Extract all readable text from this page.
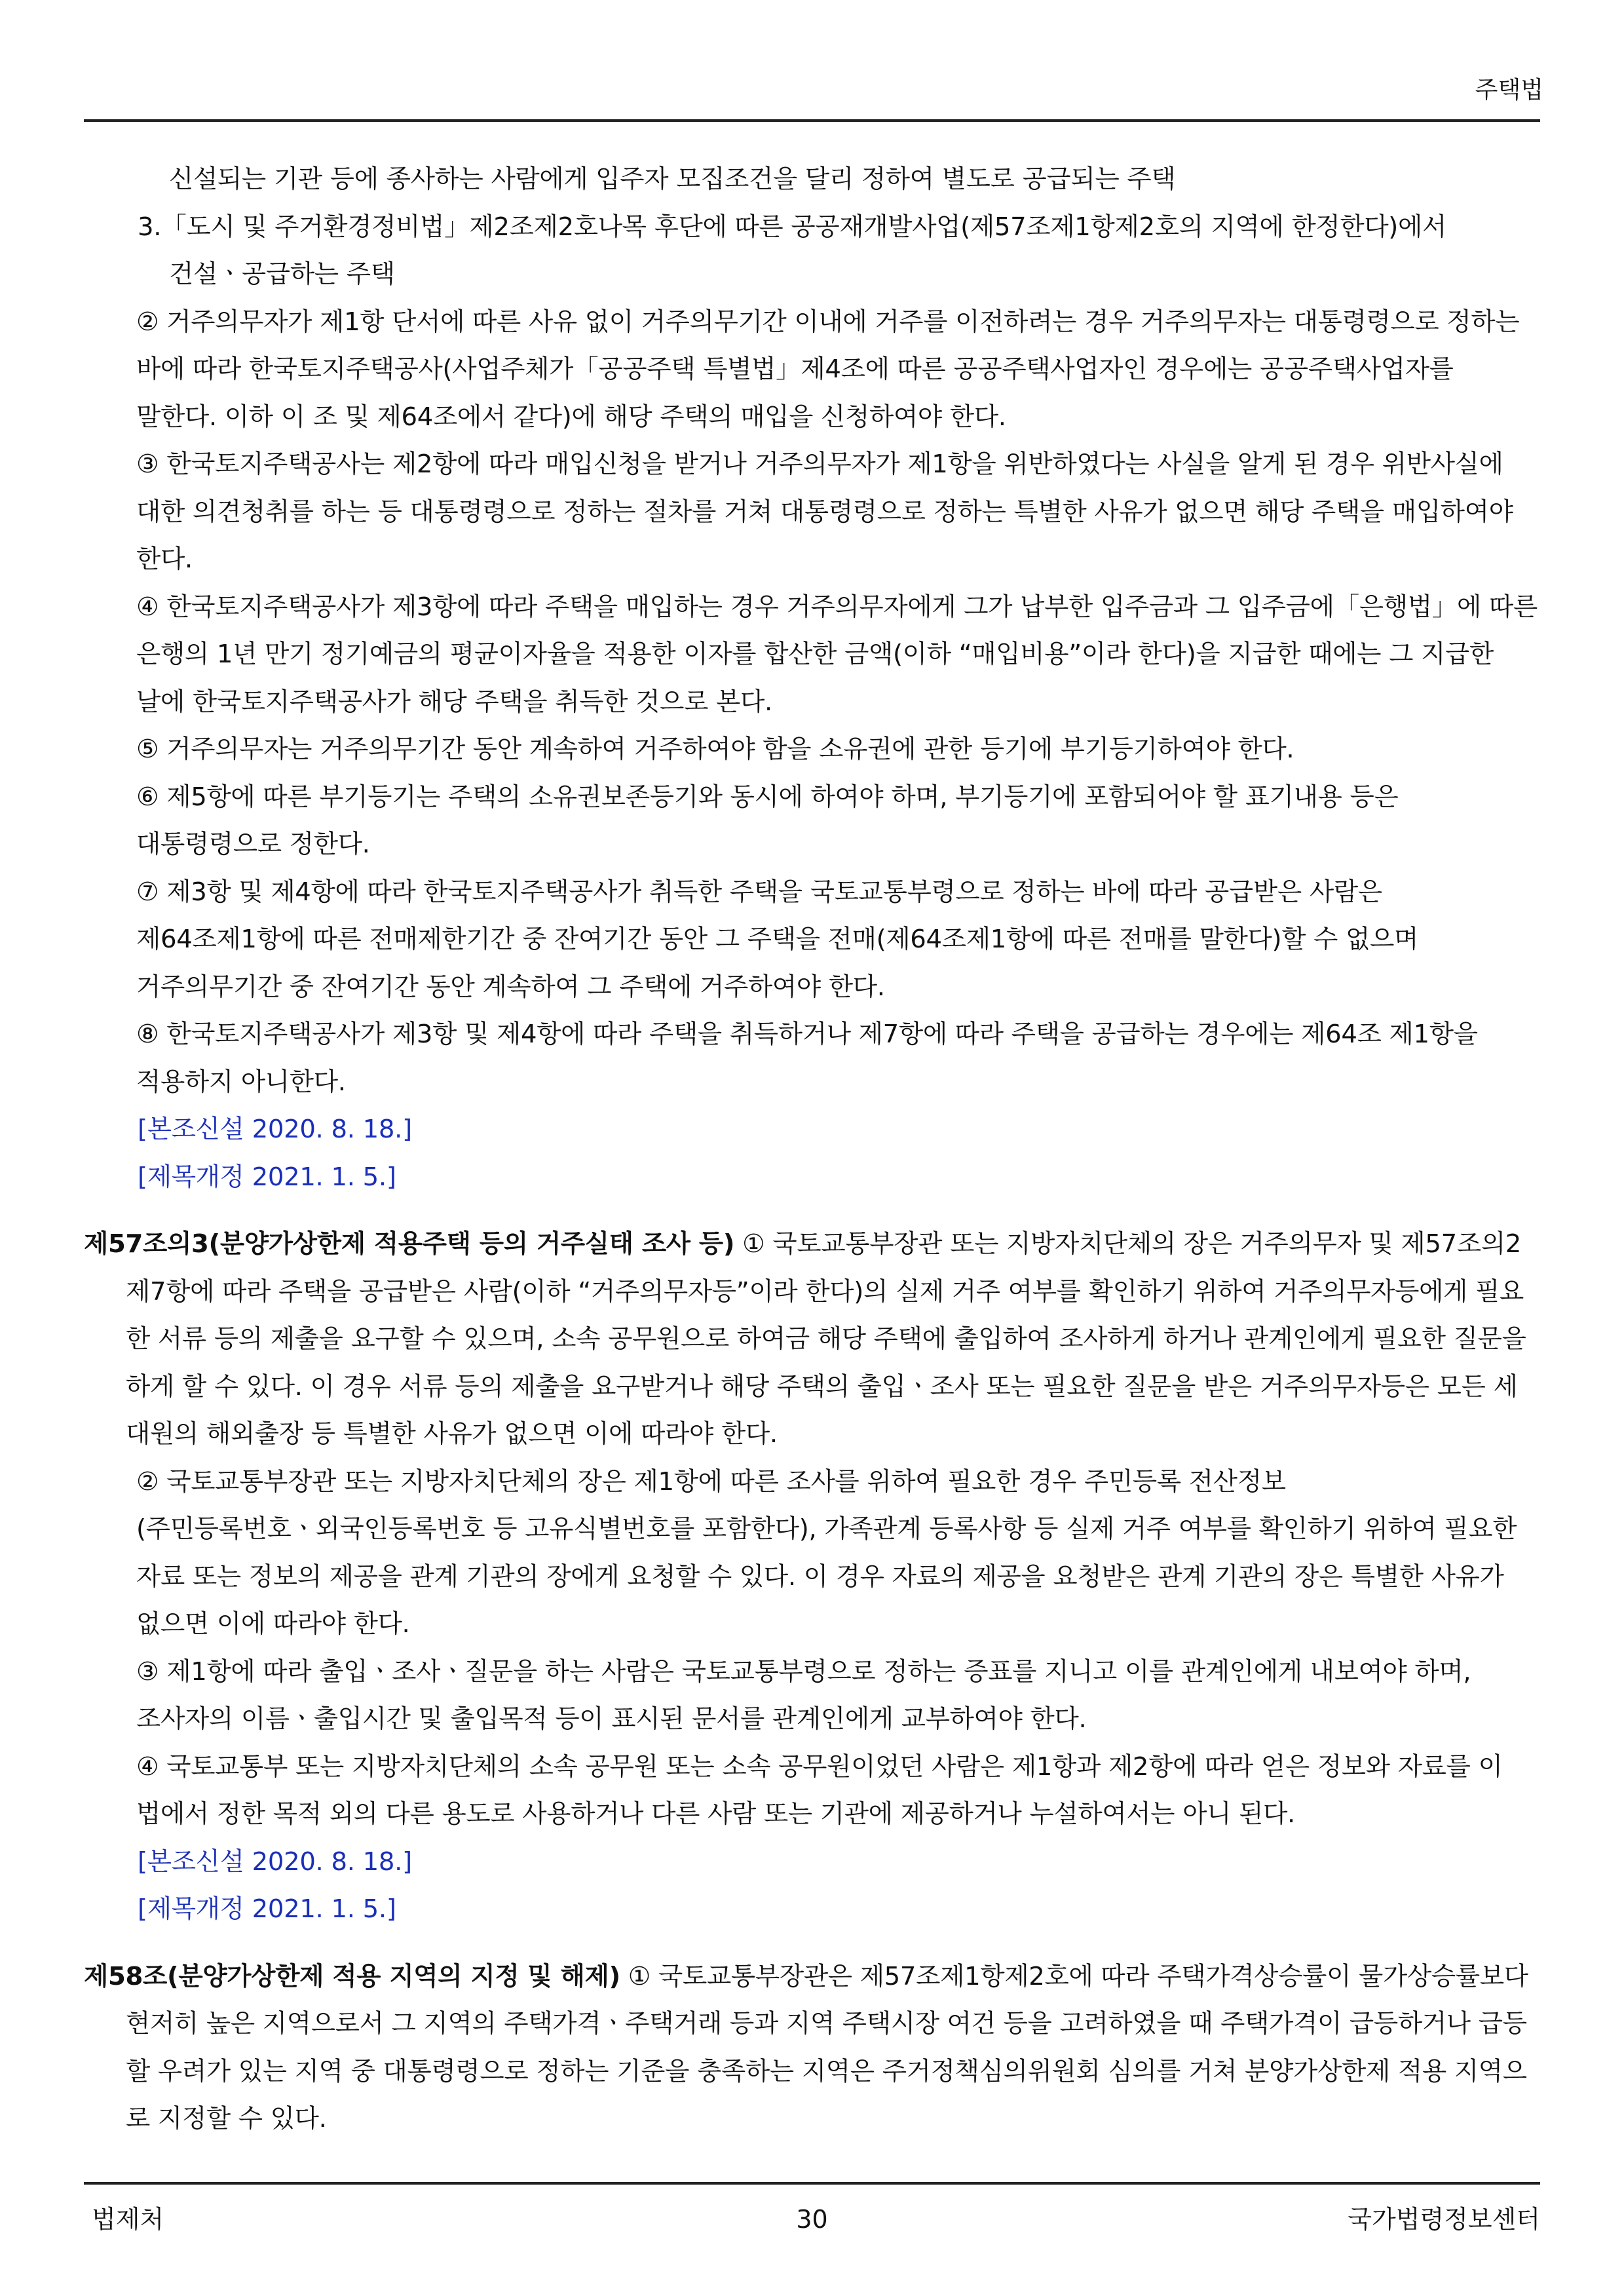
주택법

신설되는 기관 등에 종사하는 사람에게 입주자 모집조건을 달리 정하여 별도로 공급되는 주택

3.「도시 및 주거환경정비법」제2조제2호나목 후단에 따른 공공재개발사업(제57조제1항제2호의 지역에 한정한다)에서 건설ㆍ공급하는 주택

② 거주의무자가 제1항 단서에 따른 사유 없이 거주의무기간 이내에 거주를 이전하려는 경우 거주의무자는 대통령령으로 정하는 바에 따라 한국토지주택공사(사업주체가「공공주택 특별법」제4조에 따른 공공주택사업자인 경우에는 공공주택사업자를 말한다. 이하 이 조 및 제64조에서 같다)에 해당 주택의 매입을 신청하여야 한다.

③ 한국토지주택공사는 제2항에 따라 매입신청을 받거나 거주의무자가 제1항을 위반하였다는 사실을 알게 된 경우 위반사실에 대한 의견청취를 하는 등 대통령령으로 정하는 절차를 거쳐 대통령령으로 정하는 특별한 사유가 없으면 해당 주택을 매입하여야 한다.

④ 한국토지주택공사가 제3항에 따라 주택을 매입하는 경우 거주의무자에게 그가 납부한 입주금과 그 입주금에「은행법」에 따른 은행의 1년 만기 정기예금의 평균이자율을 적용한 이자를 합산한 금액(이하 “매입비용”이라 한다)을 지급한 때에는 그 지급한 날에 한국토지주택공사가 해당 주택을 취득한 것으로 본다.

⑤ 거주의무자는 거주의무기간 동안 계속하여 거주하여야 함을 소유권에 관한 등기에 부기등기하여야 한다.

⑥ 제5항에 따른 부기등기는 주택의 소유권보존등기와 동시에 하여야 하며, 부기등기에 포함되어야 할 표기내용 등은 대통령령으로 정한다.

⑦ 제3항 및 제4항에 따라 한국토지주택공사가 취득한 주택을 국토교통부령으로 정하는 바에 따라 공급받은 사람은 제64조제1항에 따른 전매제한기간 중 잔여기간 동안 그 주택을 전매(제64조제1항에 따른 전매를 말한다)할 수 없으며 거주의무기간 중 잔여기간 동안 계속하여 그 주택에 거주하여야 한다.

⑧ 한국토지주택공사가 제3항 및 제4항에 따라 주택을 취득하거나 제7항에 따라 주택을 공급하는 경우에는 제64조 제1항을 적용하지 아니한다.

[본조신설 2020. 8. 18.]

[제목개정 2021. 1. 5.]

제57조의3(분양가상한제 적용주택 등의 거주실태 조사 등) ① 국토교통부장관 또는 지방자치단체의 장은 거주의무자 및 제57조의2제7항에 따라 주택을 공급받은 사람(이하 “거주의무자등”이라 한다)의 실제 거주 여부를 확인하기 위하여 거주의무자등에게 필요한 서류 등의 제출을 요구할 수 있으며, 소속 공무원으로 하여금 해당 주택에 출입하여 조사하게 하거나 관계인에게 필요한 질문을 하게 할 수 있다. 이 경우 서류 등의 제출을 요구받거나 해당 주택의 출입ㆍ조사 또는 필요한 질문을 받은 거주의무자등은 모든 세대원의 해외출장 등 특별한 사유가 없으면 이에 따라야 한다.

② 국토교통부장관 또는 지방자치단체의 장은 제1항에 따른 조사를 위하여 필요한 경우 주민등록 전산정보(주민등록번호ㆍ외국인등록번호 등 고유식별번호를 포함한다), 가족관계 등록사항 등 실제 거주 여부를 확인하기 위하여 필요한 자료 또는 정보의 제공을 관계 기관의 장에게 요청할 수 있다. 이 경우 자료의 제공을 요청받은 관계 기관의 장은 특별한 사유가 없으면 이에 따라야 한다.

③ 제1항에 따라 출입ㆍ조사ㆍ질문을 하는 사람은 국토교통부령으로 정하는 증표를 지니고 이를 관계인에게 내보여야 하며, 조사자의 이름ㆍ출입시간 및 출입목적 등이 표시된 문서를 관계인에게 교부하여야 한다.

④ 국토교통부 또는 지방자치단체의 소속 공무원 또는 소속 공무원이었던 사람은 제1항과 제2항에 따라 얻은 정보와 자료를 이 법에서 정한 목적 외의 다른 용도로 사용하거나 다른 사람 또는 기관에 제공하거나 누설하여서는 아니 된다.

[본조신설 2020. 8. 18.]

[제목개정 2021. 1. 5.]

제58조(분양가상한제 적용 지역의 지정 및 해제) ① 국토교통부장관은 제57조제1항제2호에 따라 주택가격상승률이 물가상승률보다 현저히 높은 지역으로서 그 지역의 주택가격ㆍ주택거래 등과 지역 주택시장 여건 등을 고려하였을 때 주택가격이 급등하거나 급등할 우려가 있는 지역 중 대통령령으로 정하는 기준을 충족하는 지역은 주거정책심의위원회 심의를 거쳐 분양가상한제 적용 지역으로 지정할 수 있다.

법제처	30	국가법령정보센터
